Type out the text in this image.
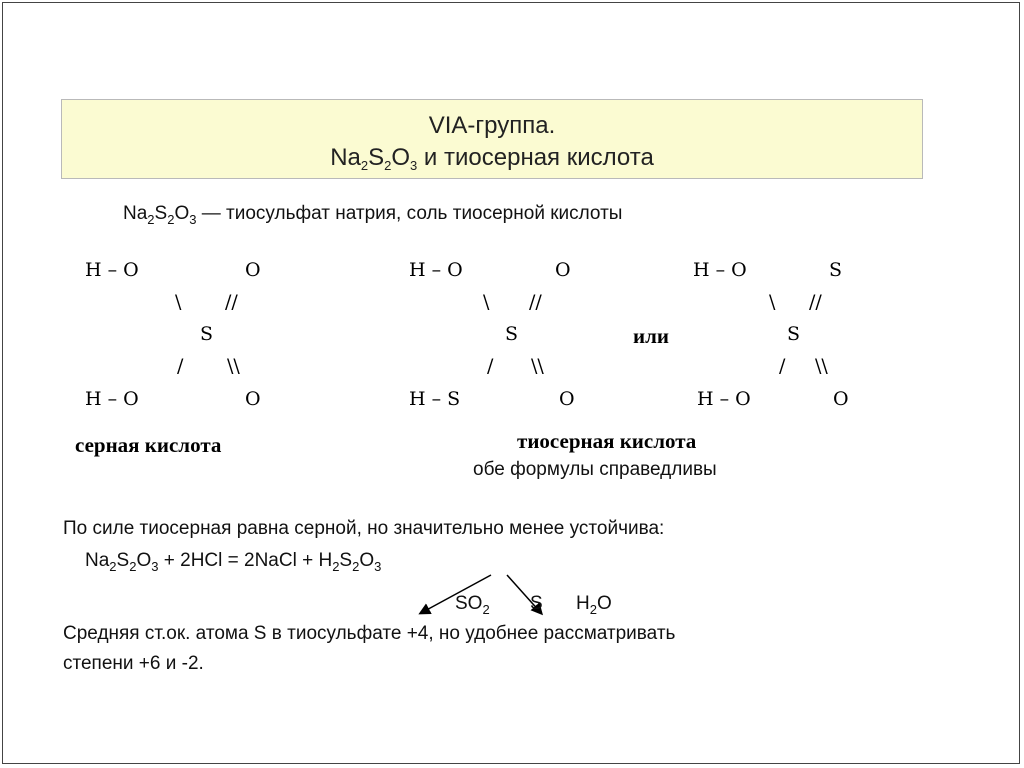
VIA-группа.
$Na_2S_2O_3$ и тиосерная кислота
$Na_2S_2O_3$ — тиосульфат натрия, соль тиосерной кислоты
H – O	O
\ //
S
/ \\
H – O	O
серная кислота
H – O	O
\ //
S
/ \\
H – S	O
или
H – O	S
\ //
S
/ \\
H – O	O
тиосерная кислота
обе формулы справедливы
По силе тиосерная равна серной, но значительно менее устойчива:
$Na_2S_2O_3 + 2HCl$ = 2NaCl + $H_2S_2O_3$
$SO_2$ S $H_2O$
Средняя ст.ок. атома S в тиосульфате +4, но удобнее рассматривать
степени +6 и -2.
